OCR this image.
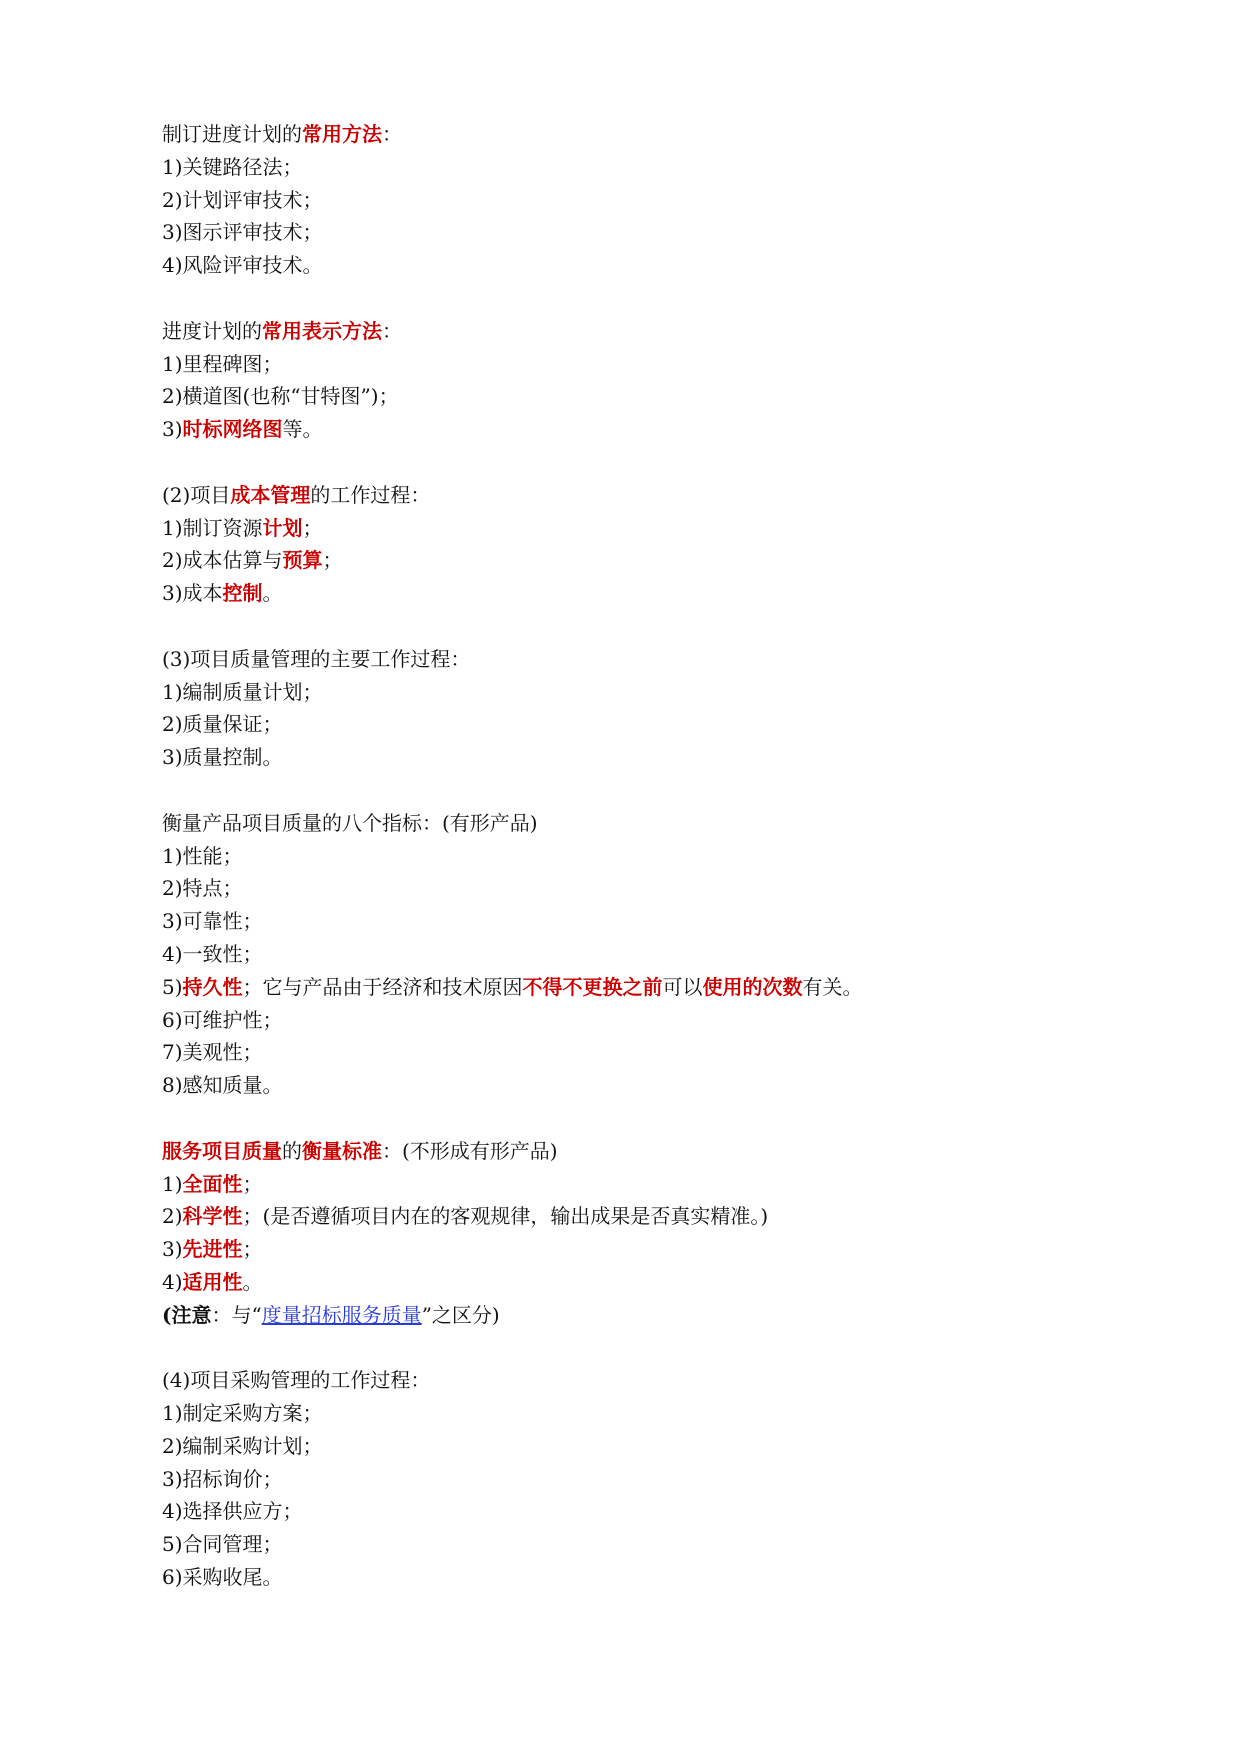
制订进度计划的常用方法：

1)关键路径法；

2)计划评审技术；

3)图示评审技术；

4)风险评审技术。

进度计划的常用表示方法：

1)里程碑图；

2)横道图(也称“甘特图”)；

3)时标网络图等。

(2)项目成本管理的工作过程：

1)制订资源计划；

2)成本估算与预算；

3)成本控制。

(3)项目质量管理的主要工作过程：

1)编制质量计划；

2)质量保证；

3)质量控制。

衡量产品项目质量的八个指标：(有形产品)

1)性能；

2)特点；

3)可靠性；

4)一致性；

5)持久性；它与产品由于经济和技术原因不得不更换之前可以使用的次数有关。

6)可维护性；

7)美观性；

8)感知质量。

服务项目质量的衡量标准：(不形成有形产品)

1)全面性；

2)科学性；(是否遵循项目内在的客观规律，输出成果是否真实精准。)

3)先进性；

4)适用性。

(注意：与“度量招标服务质量”之区分)

(4)项目采购管理的工作过程：

1)制定采购方案；

2)编制采购计划；

3)招标询价；

4)选择供应方；

5)合同管理；

6)采购收尾。
